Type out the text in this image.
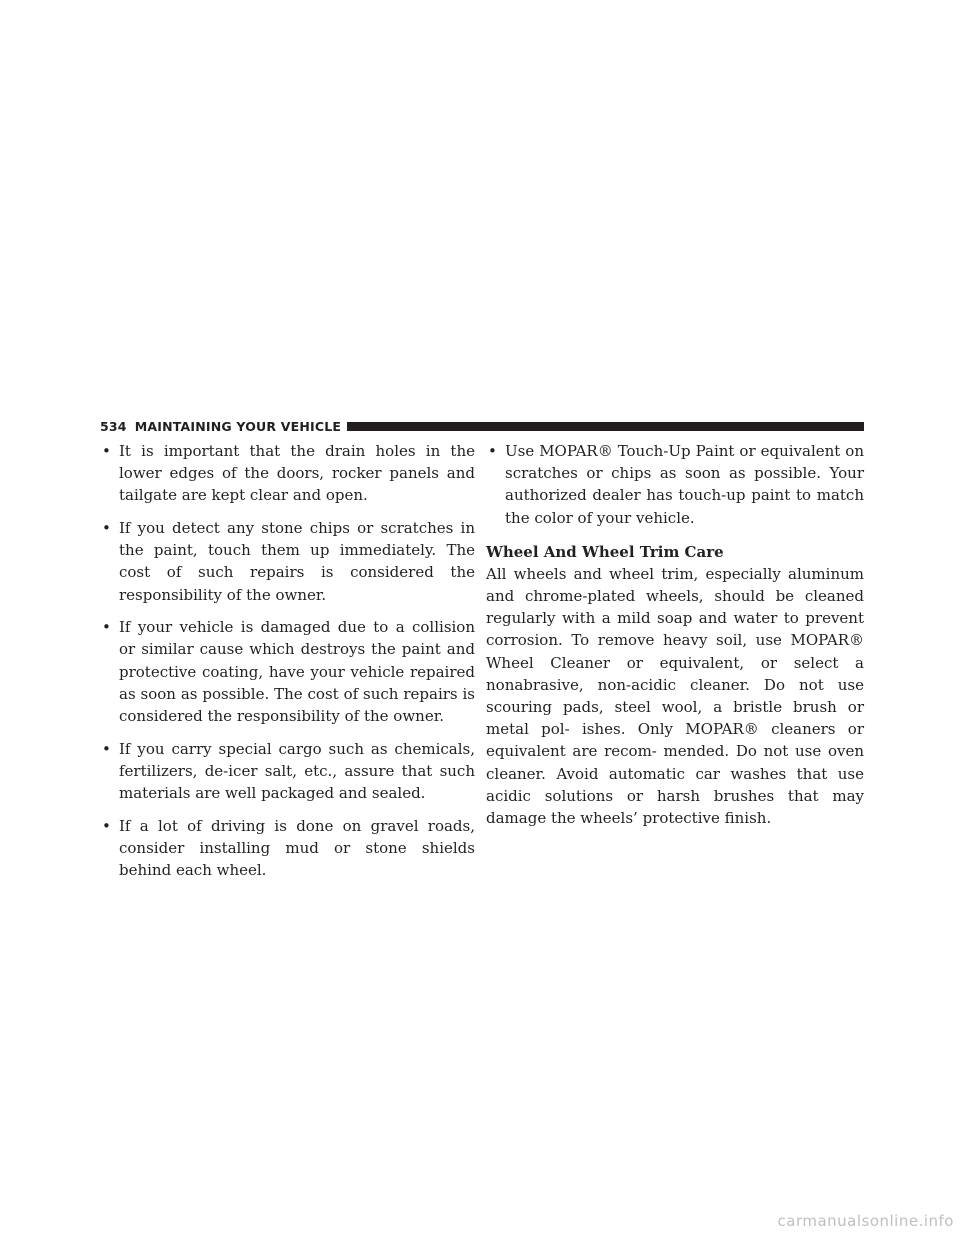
534 MAINTAINING YOUR VEHICLE
• It is important that the drain holes in the lower edges of the doors, rocker panels and tailgate are kept clear and open.
• If you detect any stone chips or scratches in the paint, touch them up immediately. The cost of such repairs is considered the responsibility of the owner.
• If your vehicle is damaged due to a collision or similar cause which destroys the paint and protective coating, have your vehicle repaired as soon as possible. The cost of such repairs is considered the responsibility of the owner.
• If you carry special cargo such as chemicals, fertilizers, de-icer salt, etc., assure that such materials are well packaged and sealed.
• If a lot of driving is done on gravel roads, consider installing mud or stone shields behind each wheel.
• Use MOPAR® Touch-Up Paint or equivalent on scratches or chips as soon as possible. Your authorized dealer has touch-up paint to match the color of your vehicle.
Wheel And Wheel Trim Care

All wheels and wheel trim, especially aluminum and chrome-plated wheels, should be cleaned regularly with a mild soap and water to prevent corrosion. To remove heavy soil, use MOPAR® Wheel Cleaner or equivalent, or select a nonabrasive, non-acidic cleaner. Do not use scouring pads, steel wool, a bristle brush or metal pol- ishes. Only MOPAR® cleaners or equivalent are recom- mended. Do not use oven cleaner. Avoid automatic car washes that use acidic solutions or harsh brushes that may damage the wheels’ protective finish.

carmanualsonline.info
